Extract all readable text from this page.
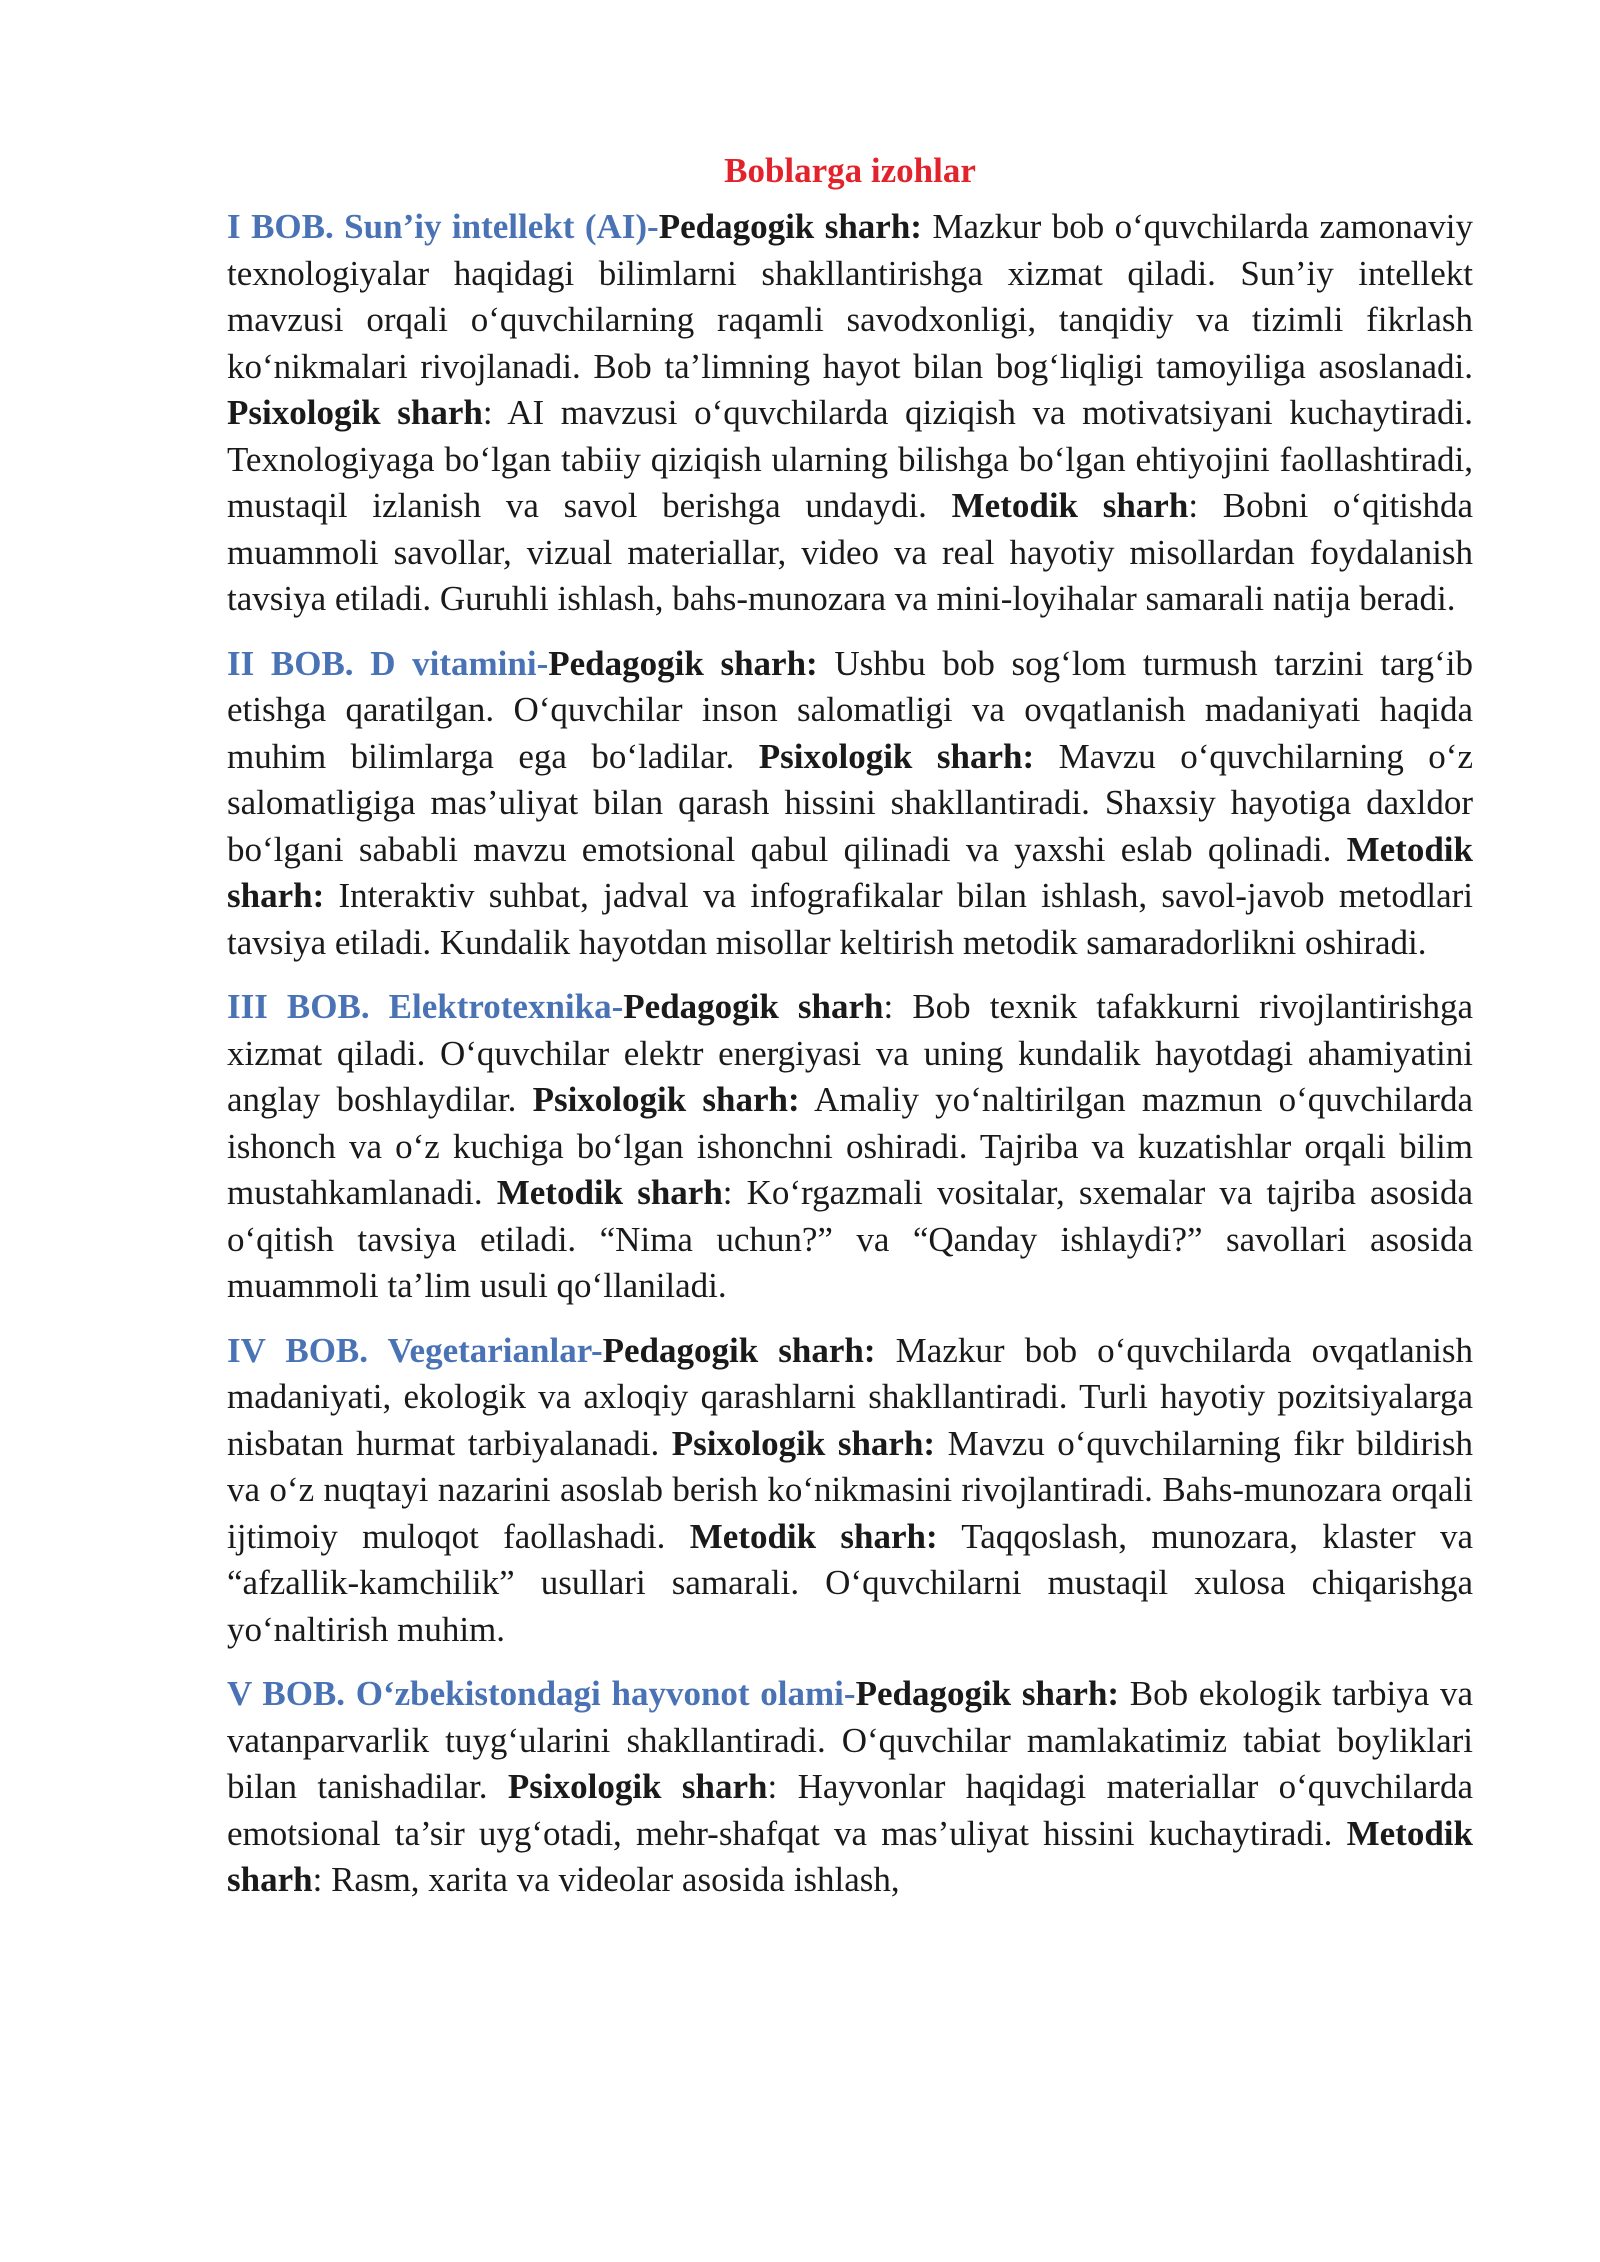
Boblarga izohlar

I BOB. Sun’iy intellekt (AI)-Pedagogik sharh: Mazkur bob o‘quvchilarda zamonaviy texnologiyalar haqidagi bilimlarni shakllantirishga xizmat qiladi. Sun’iy intellekt mavzusi orqali o‘quvchilarning raqamli savodxonligi, tanqidiy va tizimli fikrlash ko‘nikmalari rivojlanadi. Bob ta’limning hayot bilan bog‘liqligi tamoyiliga asoslanadi. Psixologik sharh: AI mavzusi o‘quvchilarda qiziqish va motivatsiyani kuchaytiradi. Texnologiyaga bo‘lgan tabiiy qiziqish ularning bilishga bo‘lgan ehtiyojini faollashtiradi, mustaqil izlanish va savol berishga undaydi. Metodik sharh: Bobni o‘qitishda muammoli savollar, vizual materiallar, video va real hayotiy misollardan foydalanish tavsiya etiladi. Guruhli ishlash, bahs-munozara va mini-loyihalar samarali natija beradi.

II BOB. D vitamini-Pedagogik sharh: Ushbu bob sog‘lom turmush tarzini targ‘ib etishga qaratilgan. O‘quvchilar inson salomatligi va ovqatlanish madaniyati haqida muhim bilimlarga ega bo‘ladilar. Psixologik sharh: Mavzu o‘quvchilarning o‘z salomatligiga mas’uliyat bilan qarash hissini shakllantiradi. Shaxsiy hayotiga daxldor bo‘lgani sababli mavzu emotsional qabul qilinadi va yaxshi eslab qolinadi. Metodik sharh: Interaktiv suhbat, jadval va infografikalar bilan ishlash, savol-javob metodlari tavsiya etiladi. Kundalik hayotdan misollar keltirish metodik samaradorlikni oshiradi.

III BOB. Elektrotexnika-Pedagogik sharh: Bob texnik tafakkurni rivojlantirishga xizmat qiladi. O‘quvchilar elektr energiyasi va uning kundalik hayotdagi ahamiyatini anglay boshlaydilar. Psixologik sharh: Amaliy yo‘naltirilgan mazmun o‘quvchilarda ishonch va o‘z kuchiga bo‘lgan ishonchni oshiradi. Tajriba va kuzatishlar orqali bilim mustahkamlanadi. Metodik sharh: Ko‘rgazmali vositalar, sxemalar va tajriba asosida o‘qitish tavsiya etiladi. “Nima uchun?” va “Qanday ishlaydi?” savollari asosida muammoli ta’lim usuli qo‘llaniladi.

IV BOB. Vegetarianlar-Pedagogik sharh: Mazkur bob o‘quvchilarda ovqatlanish madaniyati, ekologik va axloqiy qarashlarni shakllantiradi. Turli hayotiy pozitsiyalarga nisbatan hurmat tarbiyalanadi. Psixologik sharh: Mavzu o‘quvchilarning fikr bildirish va o‘z nuqtayi nazarini asoslab berish ko‘nikmasini rivojlantiradi. Bahs-munozara orqali ijtimoiy muloqot faollashadi. Metodik sharh: Taqqoslash, munozara, klaster va “afzallik-kamchilik” usullari samarali. O‘quvchilarni mustaqil xulosa chiqarishga yo‘naltirish muhim.

V BOB. O‘zbekistondagi hayvonot olami-Pedagogik sharh: Bob ekologik tarbiya va vatanparvarlik tuyg‘ularini shakllantiradi. O‘quvchilar mamlakatimiz tabiat boyliklari bilan tanishadilar. Psixologik sharh: Hayvonlar haqidagi materiallar o‘quvchilarda emotsional ta’sir uyg‘otadi, mehr-shafqat va mas’uliyat hissini kuchaytiradi. Metodik sharh: Rasm, xarita va videolar asosida ishlash,
